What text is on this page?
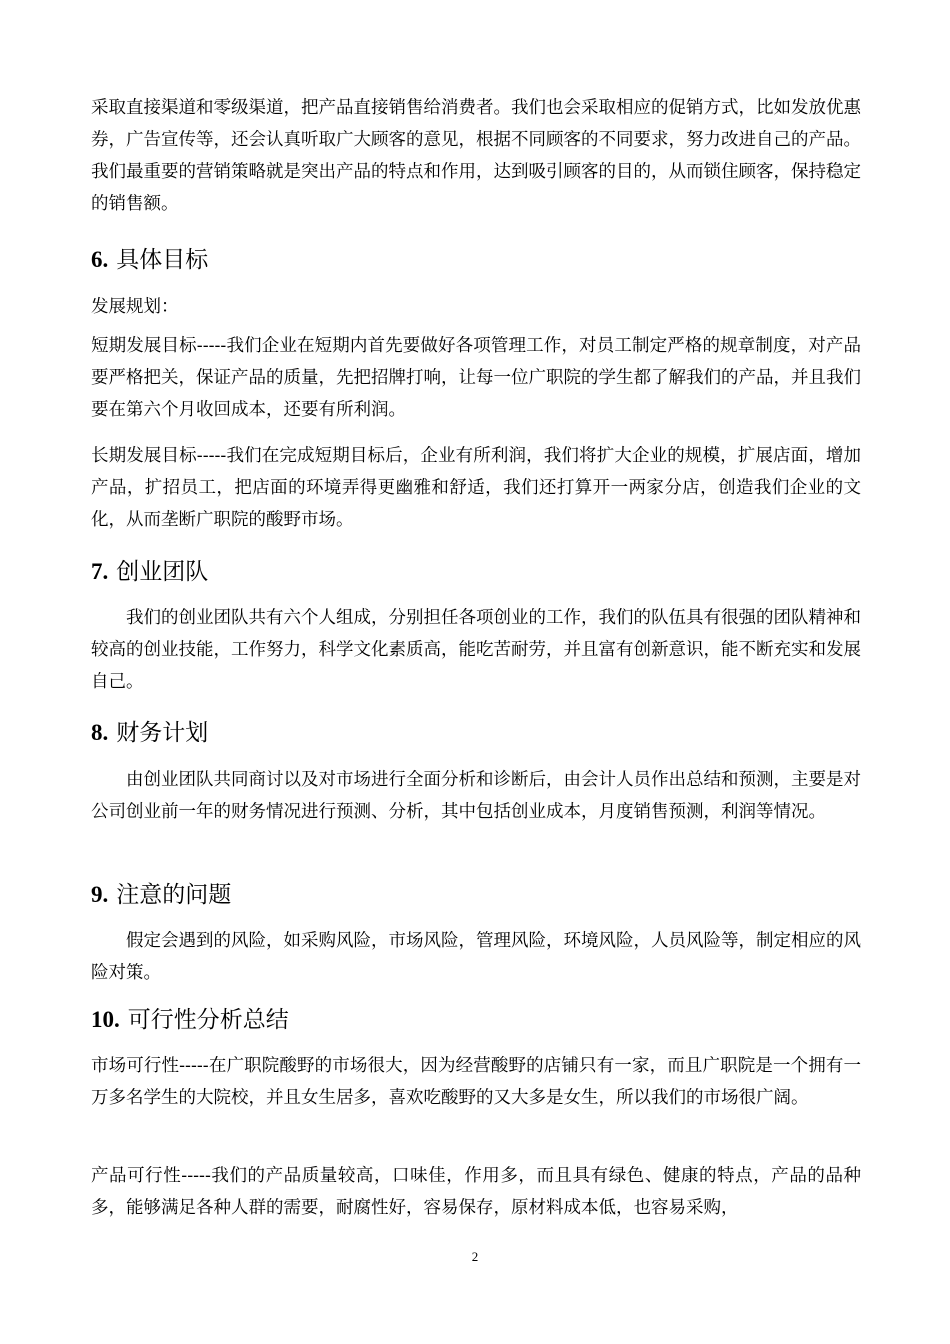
采取直接渠道和零级渠道，把产品直接销售给消费者。我们也会采取相应的促销方式，比如发放优惠券，广告宣传等，还会认真听取广大顾客的意见，根据不同顾客的不同要求，努力改进自己的产品。我们最重要的营销策略就是突出产品的特点和作用，达到吸引顾客的目的，从而锁住顾客，保持稳定的销售额。

6. 具体目标

发展规划：

短期发展目标-----我们企业在短期内首先要做好各项管理工作，对员工制定严格的规章制度，对产品要严格把关，保证产品的质量，先把招牌打响，让每一位广职院的学生都了解我们的产品，并且我们要在第六个月收回成本，还要有所利润。

长期发展目标-----我们在完成短期目标后，企业有所利润，我们将扩大企业的规模，扩展店面，增加产品，扩招员工，把店面的环境弄得更幽雅和舒适，我们还打算开一两家分店，创造我们企业的文化，从而垄断广职院的酸野市场。

7. 创业团队

我们的创业团队共有六个人组成，分别担任各项创业的工作，我们的队伍具有很强的团队精神和较高的创业技能，工作努力，科学文化素质高，能吃苦耐劳，并且富有创新意识，能不断充实和发展自己。

8. 财务计划

由创业团队共同商讨以及对市场进行全面分析和诊断后，由会计人员作出总结和预测，主要是对公司创业前一年的财务情况进行预测、分析，其中包括创业成本，月度销售预测，利润等情况。

9. 注意的问题

假定会遇到的风险，如采购风险，市场风险，管理风险，环境风险，人员风险等，制定相应的风险对策。

10. 可行性分析总结

市场可行性-----在广职院酸野的市场很大，因为经营酸野的店铺只有一家，而且广职院是一个拥有一万多名学生的大院校，并且女生居多，喜欢吃酸野的又大多是女生，所以我们的市场很广阔。

产品可行性-----我们的产品质量较高，口味佳，作用多，而且具有绿色、健康的特点，产品的品种多，能够满足各种人群的需要，耐腐性好，容易保存，原材料成本低，也容易采购，

2
